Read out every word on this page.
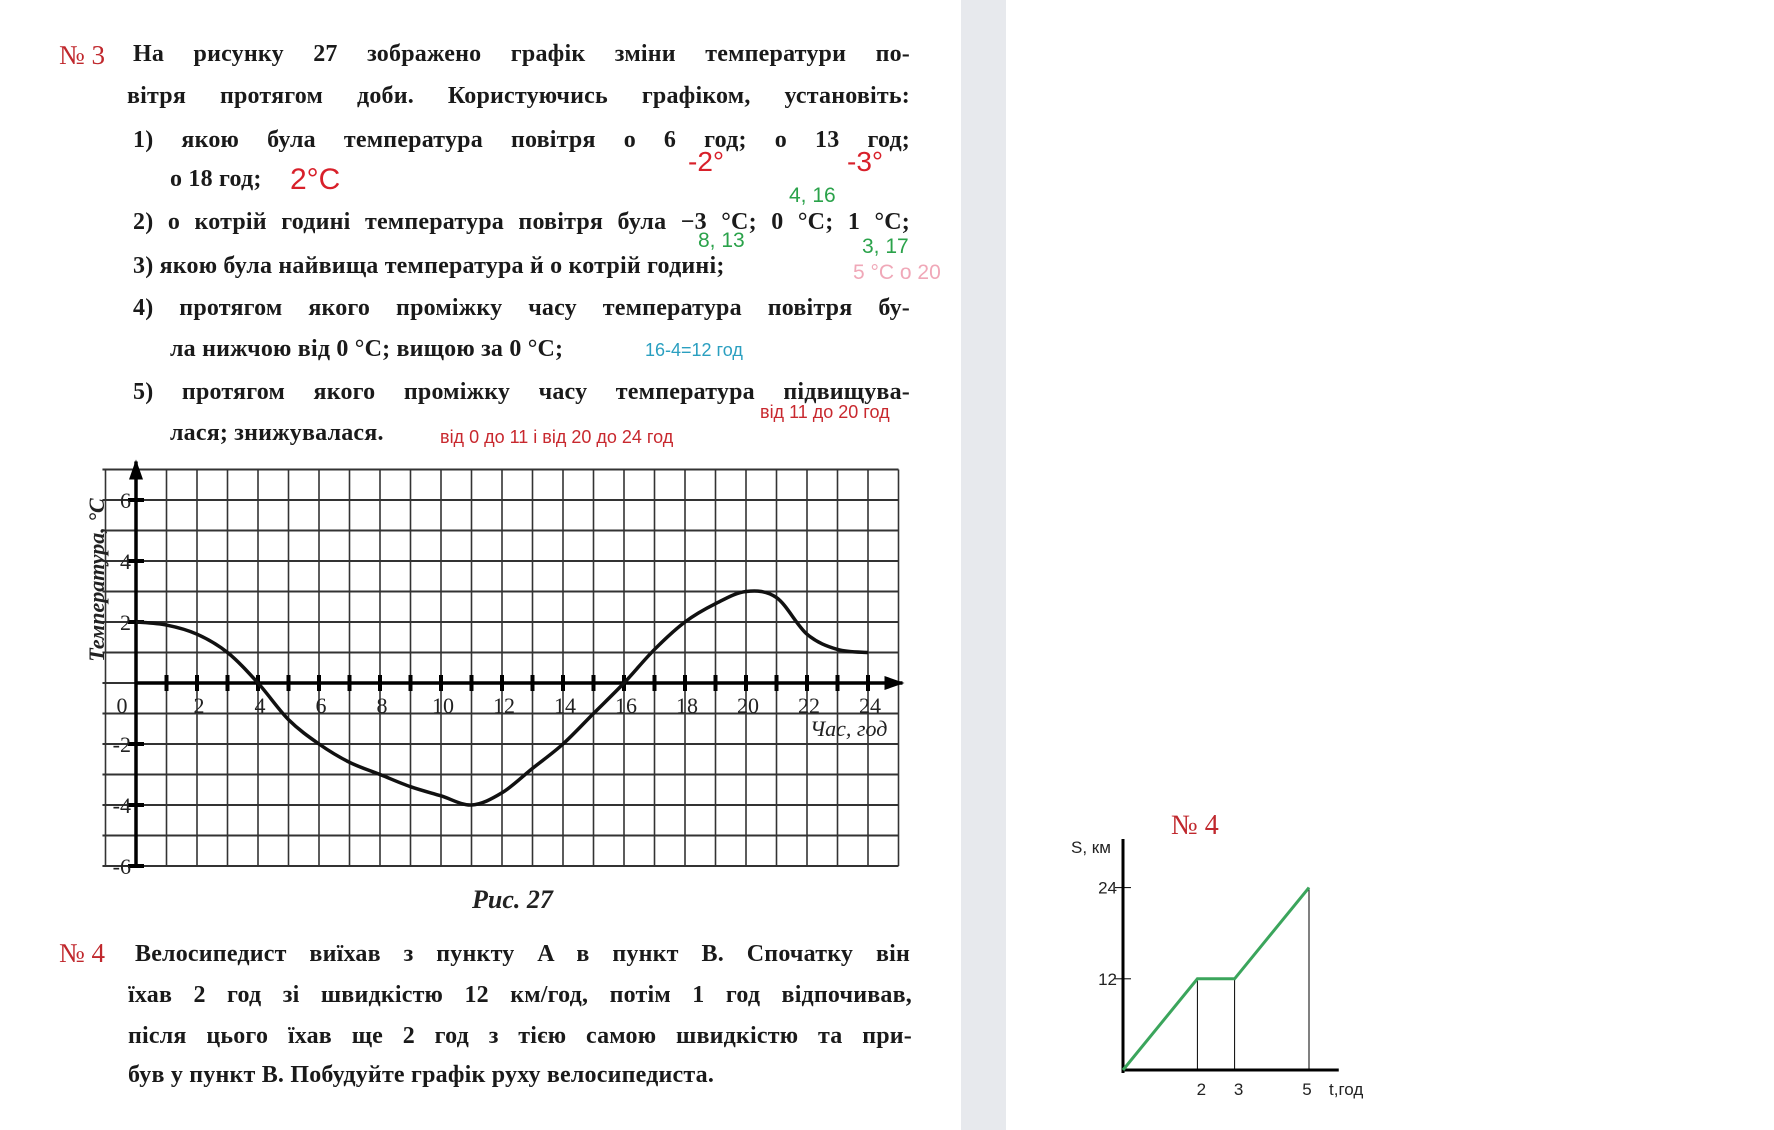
№ 3 На рисунку 27 зображено графік зміни температури по-
вітря протягом доби. Користуючись графіком, установіть:
1) якою була температура повітря о 6 год; о 13 год;
о 18 год;
2) о котрій годині температура повітря була −3 °С; 0 °С; 1 °С;
3) якою була найвища температура й о котрій годині;
4) протягом якого проміжку часу температура повітря бу-
ла нижчою від 0 °С; вищою за 0 °С;
5) протягом якого проміжку часу температура підвищува-
лася; знижувалася.
2°C
-2°	-3°
4, 16
8, 13	3, 17
5 °C о 20
16-4=12 год
від 11 до 20 год
від 0 до 11 і від 20 до 24 год
0	2 4 6 8 10 12 14 16 18 20 22 24
6
4
2
-2
-4
-6
Температура, °С
Час, год
Рис. 27
№ 4 Велосипедист виїхав з пункту A в пункт B. Спочатку він
їхав 2 год зі швидкістю 12 км/год, потім 1 год відпочивав,
після цього їхав ще 2 год з тією самою швидкістю та при-
був у пункт B. Побудуйте графік руху велосипедиста.
№ 4
24
12
2 3	5
S, км
t,год
